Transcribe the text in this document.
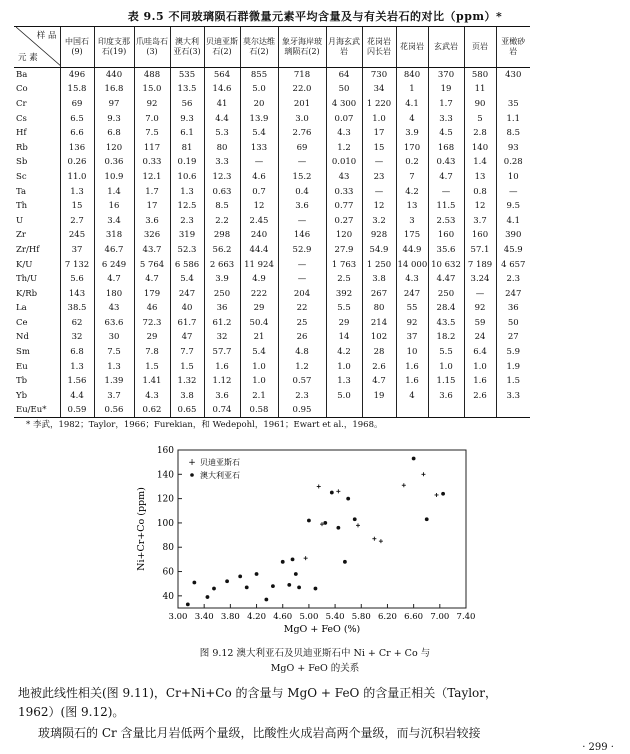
表 9.5 不同玻璃陨石群微量元素平均含量及与有关岩石的对比（ppm）*
样 品
元 素	中国石(9)	印度支那石(19)	爪哇岛石(3)	澳大利亚石(3)	贝迪亚斯石(2)	莫尔达维石(2)	象牙海岸玻璃陨石(2)	月海玄武岩	花岗岩闪长岩	花岗岩	玄武岩	页岩	亚橄砂岩
Ba	496	440	488	535	564	855	718	64	730	840	370	580	430
Co	15.8	16.8	15.0	13.5	14.6	5.0	22.0	50	34	1	19	11	
Cr	69	97	92	56	41	20	201	4 300	1 220	4.1	1.7	90	35
Cs	6.5	9.3	7.0	9.3	4.4	13.9	3.0	0.07	1.0	4	3.3	5	1.1
Hf	6.6	6.8	7.5	6.1	5.3	5.4	2.76	4.3	17	3.9	4.5	2.8	8.5
Rb	136	120	117	81	80	133	69	1.2	15	170	168	140	93
Sb	0.26	0.36	0.33	0.19	3.3	—	—	0.010	—	0.2	0.43	1.4	0.28
Sc	11.0	10.9	12.1	10.6	12.3	4.6	15.2	43	23	7	4.7	13	10
Ta	1.3	1.4	1.7	1.3	0.63	0.7	0.4	0.33	—	4.2	—	0.8	—
Th	15	16	17	12.5	8.5	12	3.6	0.77	12	13	11.5	12	9.5
U	2.7	3.4	3.6	2.3	2.2	2.45	—	0.27	3.2	3	2.53	3.7	4.1
Zr	245	318	326	319	298	240	146	120	928	175	160	160	390
Zr/Hf	37	46.7	43.7	52.3	56.2	44.4	52.9	27.9	54.9	44.9	35.6	57.1	45.9
K/U	7 132	6 249	5 764	6 586	2 663	11 924	—	1 763	1 250	14 000	10 632	7 189	4 657
Th/U	5.6	4.7	4.7	5.4	3.9	4.9	—	2.5	3.8	4.3	4.47	3.24	2.3
K/Rb	143	180	179	247	250	222	204	392	267	247	250	—	247
La	38.5	43	46	40	36	29	22	5.5	80	55	28.4	92	36
Ce	62	63.6	72.3	61.7	61.2	50.4	25	29	214	92	43.5	59	50
Nd	32	30	29	47	32	21	26	14	102	37	18.2	24	27
Sm	6.8	7.5	7.8	7.7	57.7	5.4	4.8	4.2	28	10	5.5	6.4	5.9
Eu	1.3	1.3	1.5	1.5	1.6	1.0	1.2	1.0	2.6	1.6	1.0	1.0	1.9
Tb	1.56	1.39	1.41	1.32	1.12	1.0	0.57	1.3	4.7	1.6	1.15	1.6	1.5
Yb	4.4	3.7	4.3	3.8	3.6	2.1	2.3	5.0	19	4	3.6	2.6	3.3
Eu/Eu*	0.59	0.56	0.62	0.65	0.74	0.58	0.95						
* 李武，1982；Taylor，1966；Furekian，和 Wedepohl，1961；Ewart et al.，1968。
40
60
80
100
120
140
160
3.00 3.40 3.80 4.20 4.60 5.00 5.40 5.80 6.20 6.60 7.00 7.40
MgO + FeO (%)
Ni+Cr+Co (ppm)
+ 贝迪亚斯石
澳大利亚石
图 9.12 澳大利亚石及贝迪亚斯石中 Ni + Cr + Co 与
MgO + FeO 的关系
地被此线性相关(图 9.11)，Cr+Ni+Co 的含量与 MgO + FeO 的含量正相关（Taylor，
1962）(图 9.12)。
玻璃陨石的 Cr 含量比月岩低两个量级，比酸性火成岩高两个量级，而与沉积岩较接
· 299 ·
